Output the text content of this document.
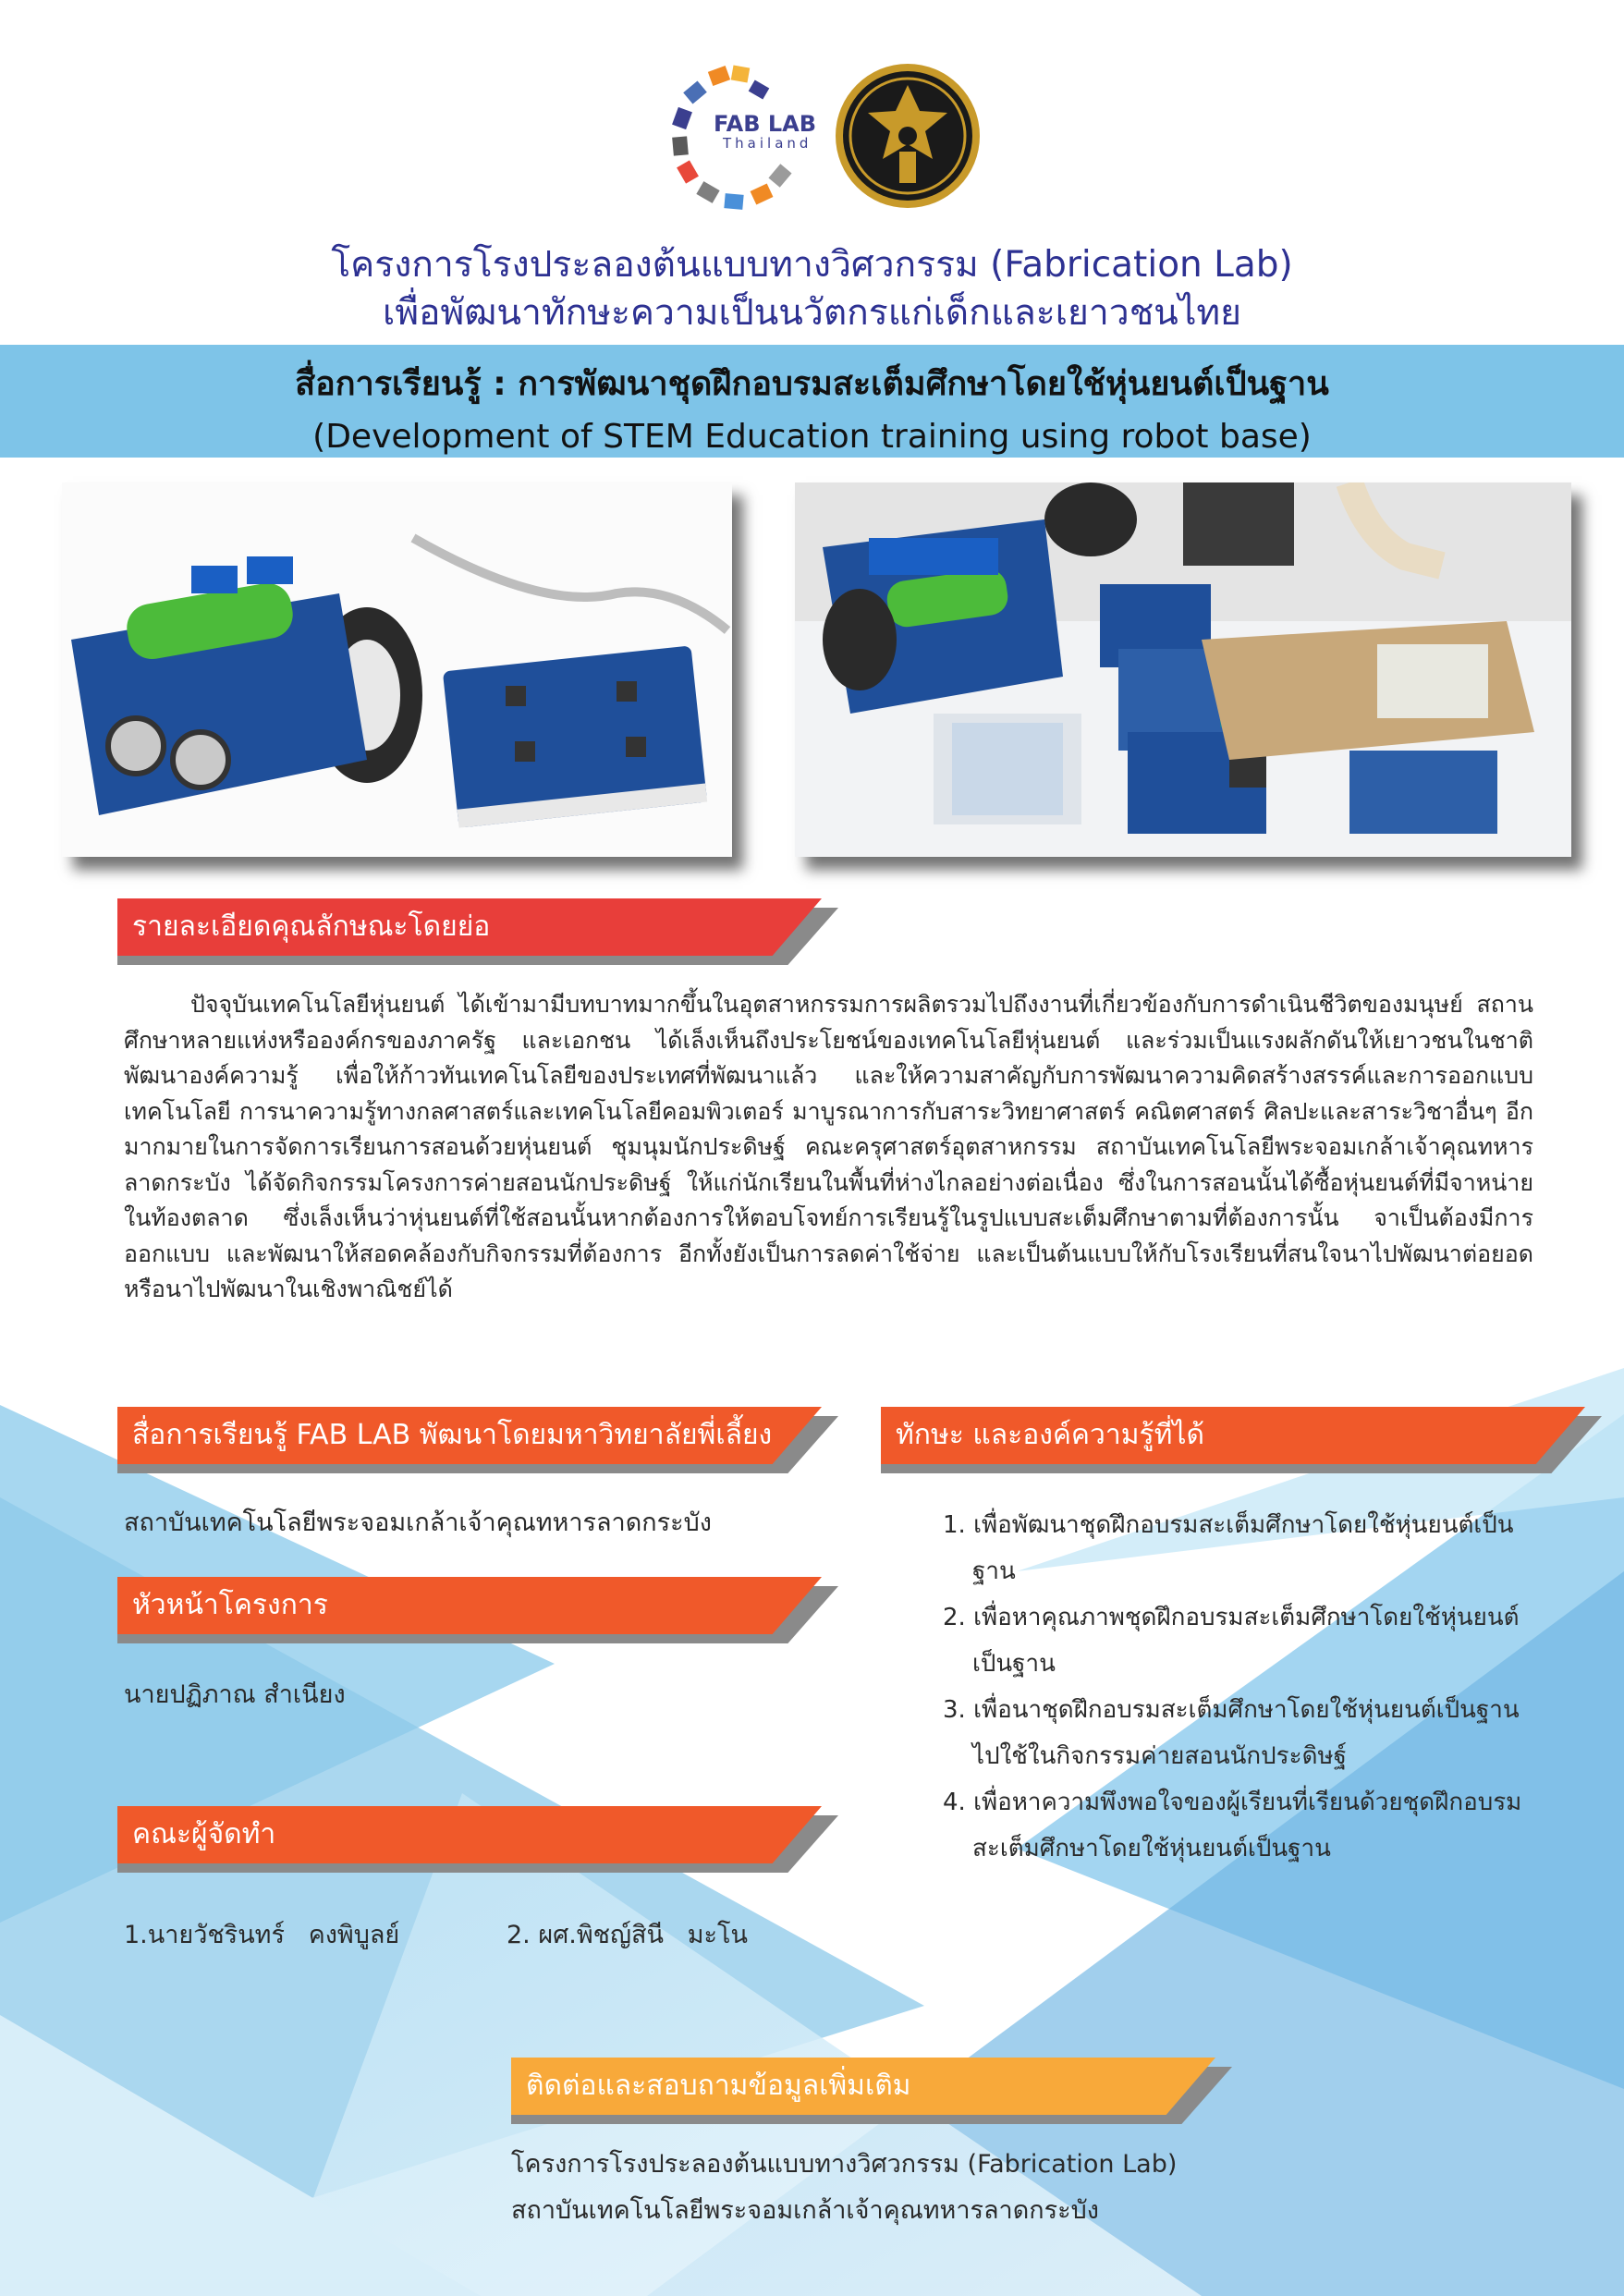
FAB LAB
Thailand
โครงการโรงประลองต้นแบบทางวิศวกรรม (Fabrication Lab)
เพื่อพัฒนาทักษะความเป็นนวัตกรแก่เด็กและเยาวชนไทย
สื่อการเรียนรู้ : การพัฒนาชุดฝึกอบรมสะเต็มศึกษาโดยใช้หุ่นยนต์เป็นฐาน
(Development of STEM Education training using robot base)
รายละเอียดคุณลักษณะโดยย่อ
ปัจจุบันเทคโนโลยีหุ่นยนต์ ได้เข้ามามีบทบาทมากขึ้นในอุตสาหกรรมการผลิตรวมไปถึงงานที่เกี่ยวข้องกับการดำเนินชีวิตของมนุษย์ สถานศึกษาหลายแห่งหรือองค์กรของภาครัฐ และเอกชน ได้เล็งเห็นถึงประโยชน์ของเทคโนโลยีหุ่นยนต์ และร่วมเป็นแรงผลักดันให้เยาวชนในชาติ พัฒนาองค์ความรู้ เพื่อให้ก้าวทันเทคโนโลยีของประเทศที่พัฒนาแล้ว และให้ความสาคัญกับการพัฒนาความคิดสร้างสรรค์และการออกแบบเทคโนโลยี การนาความรู้ทางกลศาสตร์และเทคโนโลยีคอมพิวเตอร์ มาบูรณาการกับสาระวิทยาศาสตร์ คณิตศาสตร์ ศิลปะและสาระวิชาอื่นๆ อีกมากมายในการจัดการเรียนการสอนด้วยหุ่นยนต์ ชุมนุมนักประดิษฐ์ คณะครุศาสตร์อุตสาหกรรม สถาบันเทคโนโลยีพระจอมเกล้าเจ้าคุณทหารลาดกระบัง ได้จัดกิจกรรมโครงการค่ายสอนนักประดิษฐ์ ให้แก่นักเรียนในพื้นที่ห่างไกลอย่างต่อเนื่อง ซึ่งในการสอนนั้นได้ซื้อหุ่นยนต์ที่มีจาหน่ายในท้องตลาด ซึ่งเล็งเห็นว่าหุ่นยนต์ที่ใช้สอนนั้นหากต้องการให้ตอบโจทย์การเรียนรู้ในรูปแบบสะเต็มศึกษาตามที่ต้องการนั้น จาเป็นต้องมีการออกแบบ และพัฒนาให้สอดคล้องกับกิจกรรมที่ต้องการ อีกทั้งยังเป็นการลดค่าใช้จ่าย และเป็นต้นแบบให้กับโรงเรียนที่สนใจนาไปพัฒนาต่อยอด หรือนาไปพัฒนาในเชิงพาณิชย์ได้
สื่อการเรียนรู้ FAB LAB พัฒนาโดยมหาวิทยาลัยพี่เลี้ยง
สถาบันเทคโนโลยีพระจอมเกล้าเจ้าคุณทหารลาดกระบัง
ทักษะ และองค์ความรู้ที่ได้
1. เพื่อพัฒนาชุดฝึกอบรมสะเต็มศึกษาโดยใช้หุ่นยนต์เป็นฐาน
2. เพื่อหาคุณภาพชุดฝึกอบรมสะเต็มศึกษาโดยใช้หุ่นยนต์เป็นฐาน
3. เพื่อนาชุดฝึกอบรมสะเต็มศึกษาโดยใช้หุ่นยนต์เป็นฐานไปใช้ในกิจกรรมค่ายสอนนักประดิษฐ์
4. เพื่อหาความพึงพอใจของผู้เรียนที่เรียนด้วยชุดฝึกอบรมสะเต็มศึกษาโดยใช้หุ่นยนต์เป็นฐาน
หัวหน้าโครงการ
นายปฏิภาณ สำเนียง
คณะผู้จัดทำ
1.นายวัชรินทร์   คงพิบูลย์	2. ผศ.พิชญ์สินี   มะโน
ติดต่อและสอบถามข้อมูลเพิ่มเติม
โครงการโรงประลองต้นแบบทางวิศวกรรม (Fabrication Lab)
สถาบันเทคโนโลยีพระจอมเกล้าเจ้าคุณทหารลาดกระบัง
